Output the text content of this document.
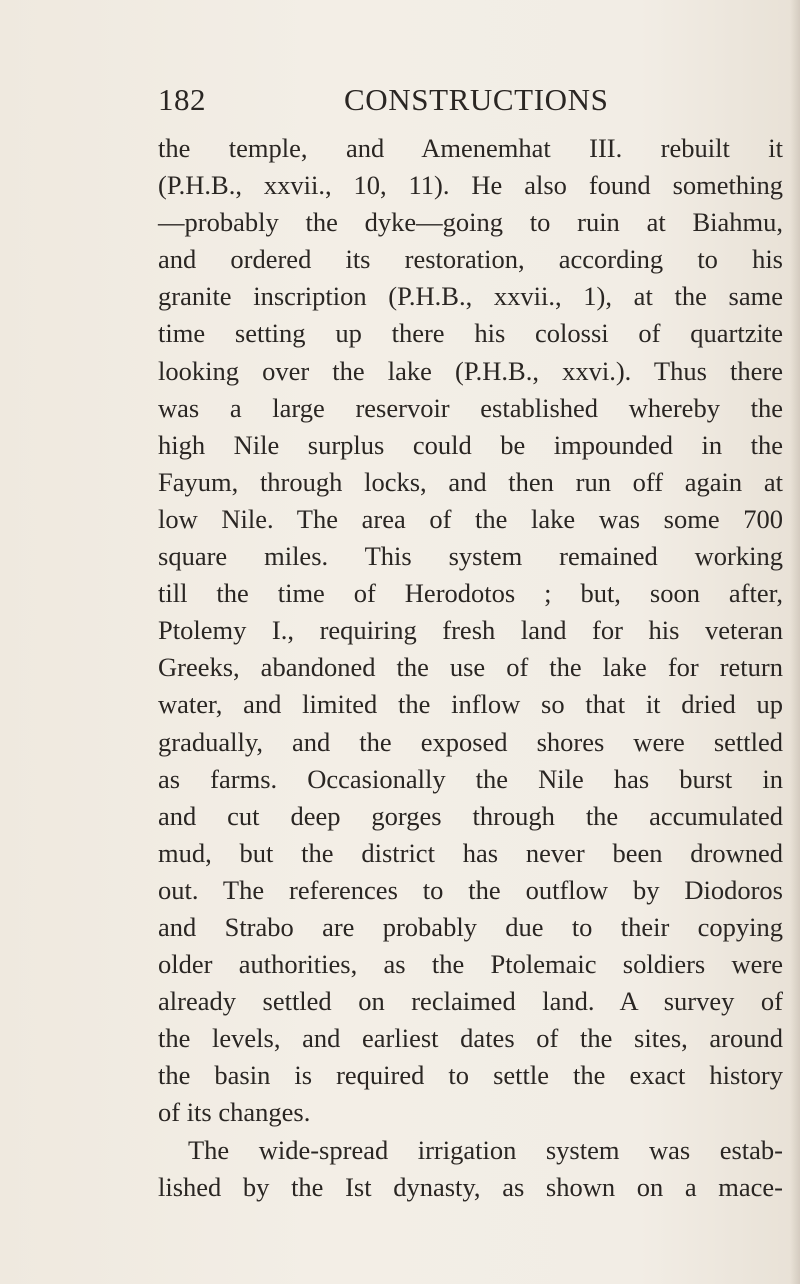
182	CONSTRUCTIONS
the temple, and Amenemhat III. rebuilt it
(P.H.B., xxvii., 10, 11). He also found something
—probably the dyke—going to ruin at Biahmu,
and ordered its restoration, according to his
granite inscription (P.H.B., xxvii., 1), at the same
time setting up there his colossi of quartzite
looking over the lake (P.H.B., xxvi.). Thus there
was a large reservoir established whereby the
high Nile surplus could be impounded in the
Fayum, through locks, and then run off again at
low Nile. The area of the lake was some 700
square miles. This system remained working
till the time of Herodotos ; but, soon after,
Ptolemy I., requiring fresh land for his veteran
Greeks, abandoned the use of the lake for return
water, and limited the inflow so that it dried up
gradually, and the exposed shores were settled
as farms. Occasionally the Nile has burst in
and cut deep gorges through the accumulated
mud, but the district has never been drowned
out. The references to the outflow by Diodoros
and Strabo are probably due to their copying
older authorities, as the Ptolemaic soldiers were
already settled on reclaimed land. A survey of
the levels, and earliest dates of the sites, around
the basin is required to settle the exact history
of its changes.
The wide-spread irrigation system was estab-
lished by the Ist dynasty, as shown on a mace-
